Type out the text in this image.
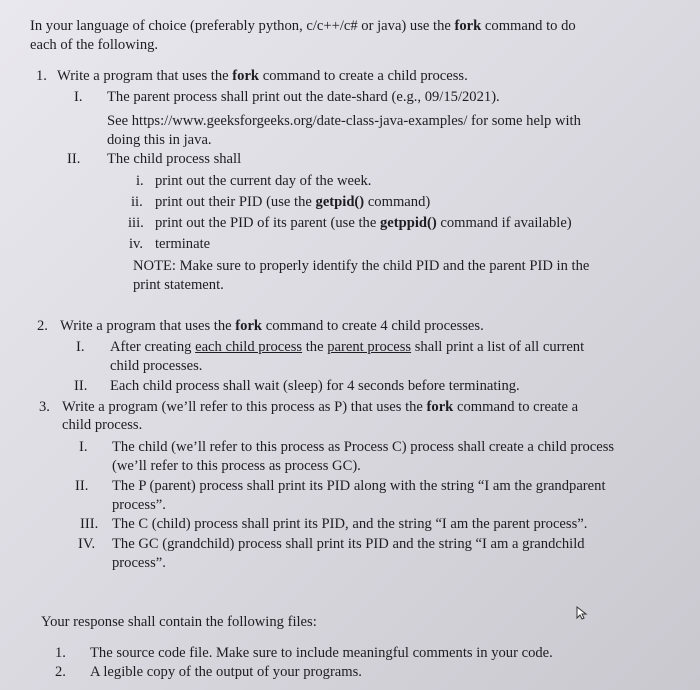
In your language of choice (preferably python, c/c++/c# or java) use the fork command to do
each of the following.
1. Write a program that uses the fork command to create a child process.
I. The parent process shall print out the date-shard (e.g., 09/15/2021).
See https://www.geeksforgeeks.org/date-class-java-examples/ for some help with
doing this in java.
II. The child process shall
i. print out the current day of the week.
ii. print out their PID (use the getpid() command)
iii. print out the PID of its parent (use the getppid() command if available)
iv. terminate
NOTE: Make sure to properly identify the child PID and the parent PID in the
print statement.
2. Write a program that uses the fork command to create 4 child processes.
I. After creating each child process the parent process shall print a list of all current
child processes.
II. Each child process shall wait (sleep) for 4 seconds before terminating.
3. Write a program (we’ll refer to this process as P) that uses the fork command to create a
child process.
I. The child (we’ll refer to this process as Process C) process shall create a child process
(we’ll refer to this process as process GC).
II. The P (parent) process shall print its PID along with the string “I am the grandparent
process”.
III. The C (child) process shall print its PID, and the string “I am the parent process”.
IV. The GC (grandchild) process shall print its PID and the string “I am a grandchild
process”.
Your response shall contain the following files:
1. The source code file. Make sure to include meaningful comments in your code.
2. A legible copy of the output of your programs.
